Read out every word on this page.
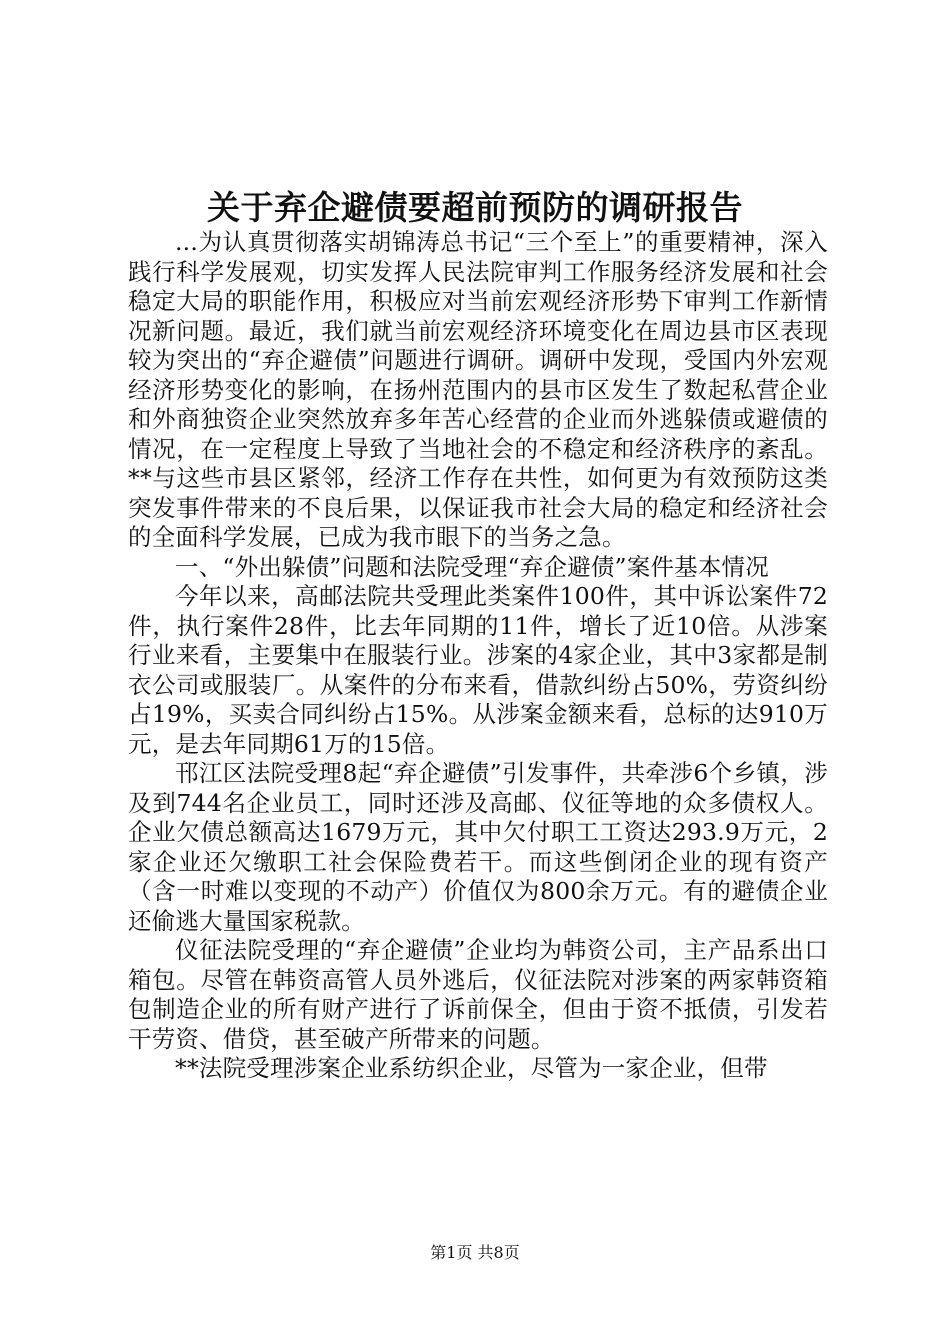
关于弃企避债要超前预防的调研报告

...为认真贯彻落实胡锦涛总书记“三个至上”的重要精神，深入践行科学发展观，切实发挥人民法院审判工作服务经济发展和社会稳定大局的职能作用，积极应对当前宏观经济形势下审判工作新情况新问题。最近，我们就当前宏观经济环境变化在周边县市区表现较为突出的“弃企避债”问题进行调研。调研中发现，受国内外宏观经济形势变化的影响，在扬州范围内的县市区发生了数起私营企业和外商独资企业突然放弃多年苦心经营的企业而外逃躲债或避债的情况，在一定程度上导致了当地社会的不稳定和经济秩序的紊乱。**与这些市县区紧邻，经济工作存在共性，如何更为有效预防这类突发事件带来的不良后果，以保证我市社会大局的稳定和经济社会的全面科学发展，已成为我市眼下的当务之急。

一、“外出躲债”问题和法院受理“弃企避债”案件基本情况

今年以来，高邮法院共受理此类案件100件，其中诉讼案件72件，执行案件28件，比去年同期的11件，增长了近10倍。从涉案行业来看，主要集中在服装行业。涉案的4家企业，其中3家都是制衣公司或服装厂。从案件的分布来看，借款纠纷占50%，劳资纠纷占19%，买卖合同纠纷占15%。从涉案金额来看，总标的达910万元，是去年同期61万的15倍。

邗江区法院受理8起“弃企避债”引发事件，共牵涉6个乡镇，涉及到744名企业员工，同时还涉及高邮、仪征等地的众多债权人。企业欠债总额高达1679万元，其中欠付职工工资达293.9万元，2家企业还欠缴职工社会保险费若干。而这些倒闭企业的现有资产（含一时难以变现的不动产）价值仅为800余万元。有的避债企业还偷逃大量国家税款。

仪征法院受理的“弃企避债”企业均为韩资公司，主产品系出口箱包。尽管在韩资高管人员外逃后，仪征法院对涉案的两家韩资箱包制造企业的所有财产进行了诉前保全，但由于资不抵债，引发若干劳资、借贷，甚至破产所带来的问题。

**法院受理涉案企业系纺织企业，尽管为一家企业，但带

第1页 共8页
